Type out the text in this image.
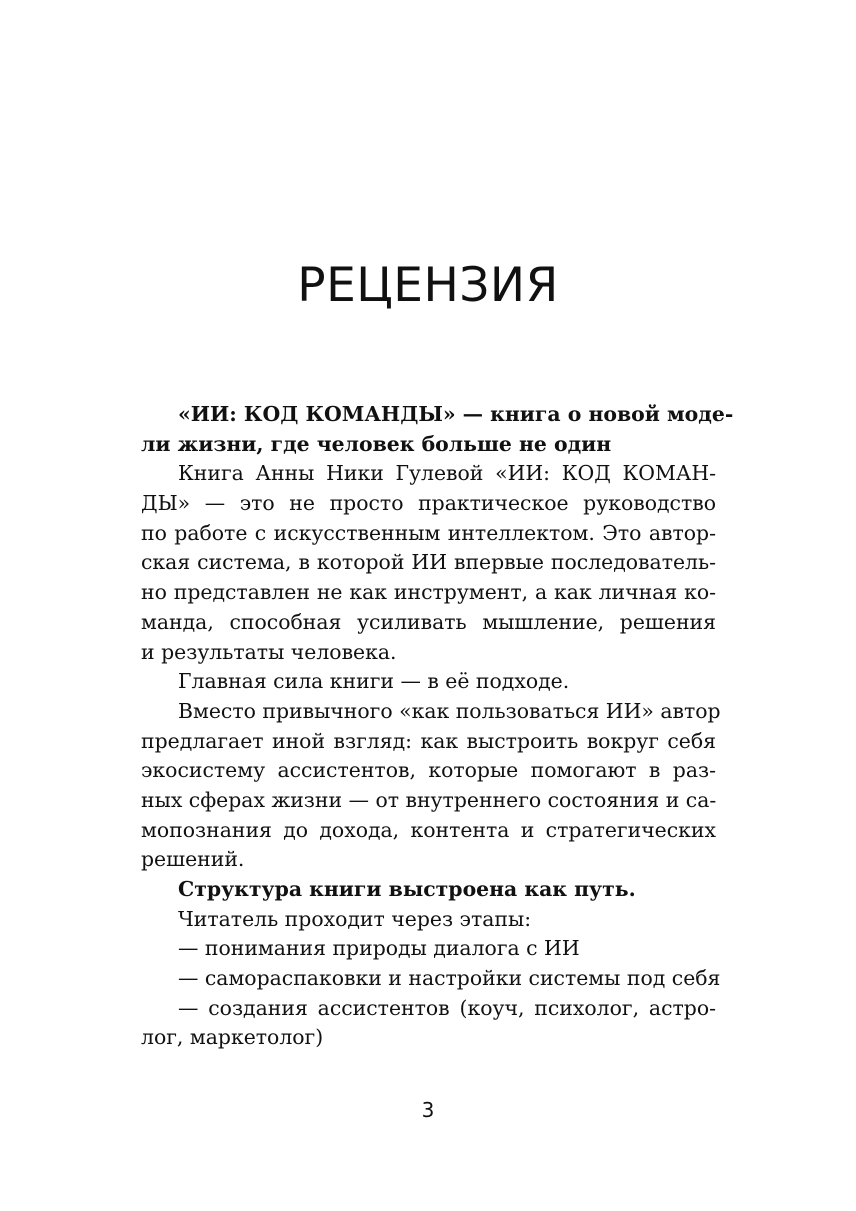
РЕЦЕНЗИЯ
«ИИ: КОД КОМАНДЫ» — книга о новой моде-
ли жизни, где человек больше не один
Книга Анны Ники Гулевой «ИИ: КОД КОМАН-
ДЫ» — это не просто практическое руководство
по работе с искусственным интеллектом. Это автор-
ская система, в которой ИИ впервые последователь-
но представлен не как инструмент, а как личная ко-
манда, способная усиливать мышление, решения
и результаты человека.
Главная сила книги — в её подходе.
Вместо привычного «как пользоваться ИИ» автор
предлагает иной взгляд: как выстроить вокруг себя
экосистему ассистентов, которые помогают в раз-
ных сферах жизни — от внутреннего состояния и са-
мопознания до дохода, контента и стратегических
решений.
Структура книги выстроена как путь.
Читатель проходит через этапы:
— понимания природы диалога с ИИ
— самораспаковки и настройки системы под себя
— создания ассистентов (коуч, психолог, астро-
лог, маркетолог)
3
